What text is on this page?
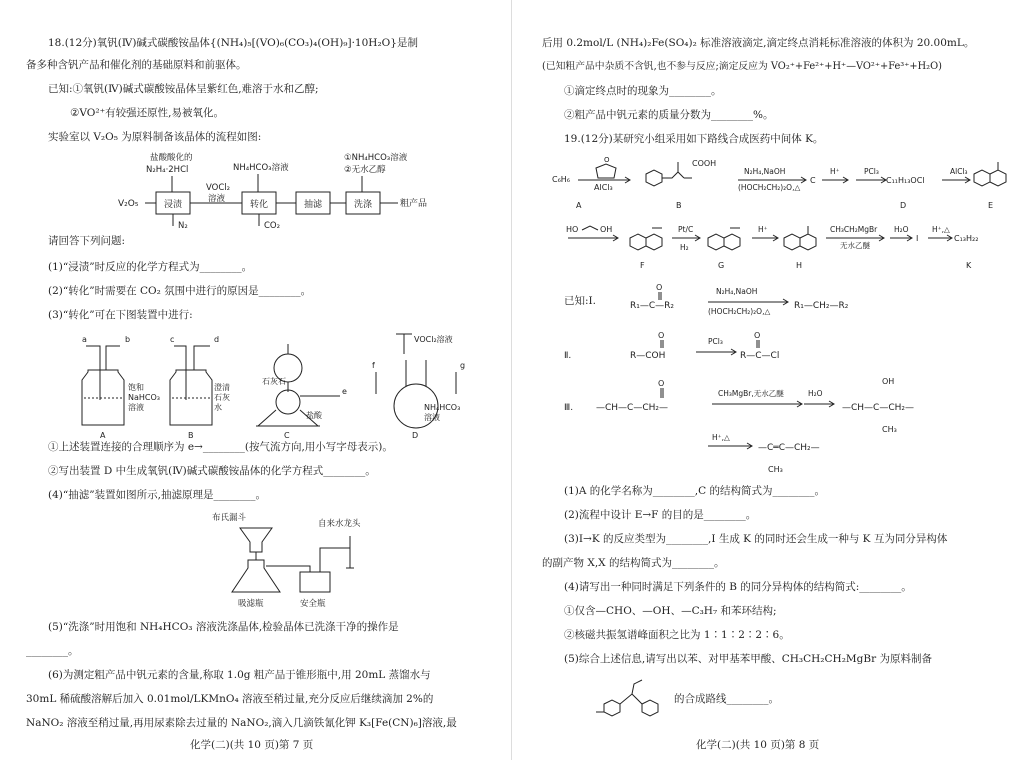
18.(12分)氧钒(Ⅳ)碱式碳酸铵晶体{(NH₄)₅[(VO)₆(CO₃)₄(OH)₉]·10H₂O}是制
备多种含钒产品和催化剂的基础原料和前驱体。
已知:①氧钒(Ⅳ)碱式碳酸铵晶体呈紫红色,难溶于水和乙醇;
②VO²⁺有较强还原性,易被氧化。
实验室以 V₂O₅ 为原料制备该晶体的流程如图:
盐酸酸化的
N₂H₄·2HCl	NH₄HCO₃溶液
①NH₄HCO₃溶液
②无水乙醇
V₂O₅	浸渍
VOCl₂
溶液
转化	抽滤	洗涤	粗产品
N₂	CO₂
请回答下列问题:
(1)“浸渍”时反应的化学方程式为________。
(2)“转化”时需要在 CO₂ 氛围中进行的原因是________。
(3)“转化”可在下图装置中进行:
a	b
饱和
NaHCO₃
溶液
A
c	d
澄清
石灰
水
B
e
石灰石
盐酸
C
f	g
VOCl₂溶液
NH₄HCO₃
溶液
D
①上述装置连接的合理顺序为 e→________(按气流方向,用小写字母表示)。
②写出装置 D 中生成氧钒(Ⅳ)碱式碳酸铵晶体的化学方程式________。
(4)“抽滤”装置如图所示,抽滤原理是________。
布氏漏斗
自来水龙头
吸滤瓶	安全瓶
(5)“洗涤”时用饱和 NH₄HCO₃ 溶液洗涤晶体,检验晶体已洗涤干净的操作是
________。
(6)为测定粗产品中钒元素的含量,称取 1.0g 粗产品于锥形瓶中,用 20mL 蒸馏水与
30mL 稀硫酸溶解后加入 0.01mol/LKMnO₄ 溶液至稍过量,充分反应后继续滴加 2%的
NaNO₂ 溶液至稍过量,再用尿素除去过量的 NaNO₂,滴入几滴铁氰化钾 K₃[Fe(CN)₆]溶液,最
化学(二)(共 10 页)第 7 页
后用 0.2mol/L (NH₄)₂Fe(SO₄)₂ 标准溶液滴定,滴定终点消耗标准溶液的体积为 20.00mL。
(已知粗产品中杂质不含钒,也不参与反应;滴定反应为 VO₂⁺+Fe²⁺+H⁺—VO²⁺+Fe³⁺+H₂O)
①滴定终点时的现象为________。
②粗产品中钒元素的质量分数为________%。
19.(12分)某研究小组采用如下路线合成医药中间体 K。
C₆H₆
O
AlCl₃
A
COOH
B
N₂H₄,NaOH
(HOCH₂CH₂)₂O,△
C
H⁺	PCl₃
C₁₁H₁₃OCl
D
AlCl₃
E
HO	OH
F
Pt/C
H₂
G
H⁺
H
CH₃CH₂MgBr
无水乙醚
H₂O
I
H⁺,△
C₁₃H₂₂
K
已知:Ⅰ.
O
R₁—C—R₂
N₂H₄,NaOH
(HOCH₂CH₂)₂O,△
R₁—CH₂—R₂
Ⅱ.
O
R—COH
PCl₃
O
R—C—Cl
Ⅲ.
O
—CH—C—CH₂—
CH₃MgBr,无水乙醚	H₂O
OH
—CH—C—CH₂—
CH₃
H⁺,△
—C═C—CH₂—
CH₃
(1)A 的化学名称为________,C 的结构简式为________。
(2)流程中设计 E→F 的目的是________。
(3)I→K 的反应类型为________,I 生成 K 的同时还会生成一种与 K 互为同分异构体
的副产物 X,X 的结构简式为________。
(4)请写出一种同时满足下列条件的 B 的同分异构体的结构简式:________。
①仅含—CHO、—OH、—C₃H₇ 和苯环结构;
②核磁共振氢谱峰面积之比为 1∶1∶2∶2∶6。
(5)综合上述信息,请写出以苯、对甲基苯甲酸、CH₃CH₂CH₂MgBr 为原料制备
的合成路线________。
化学(二)(共 10 页)第 8 页
